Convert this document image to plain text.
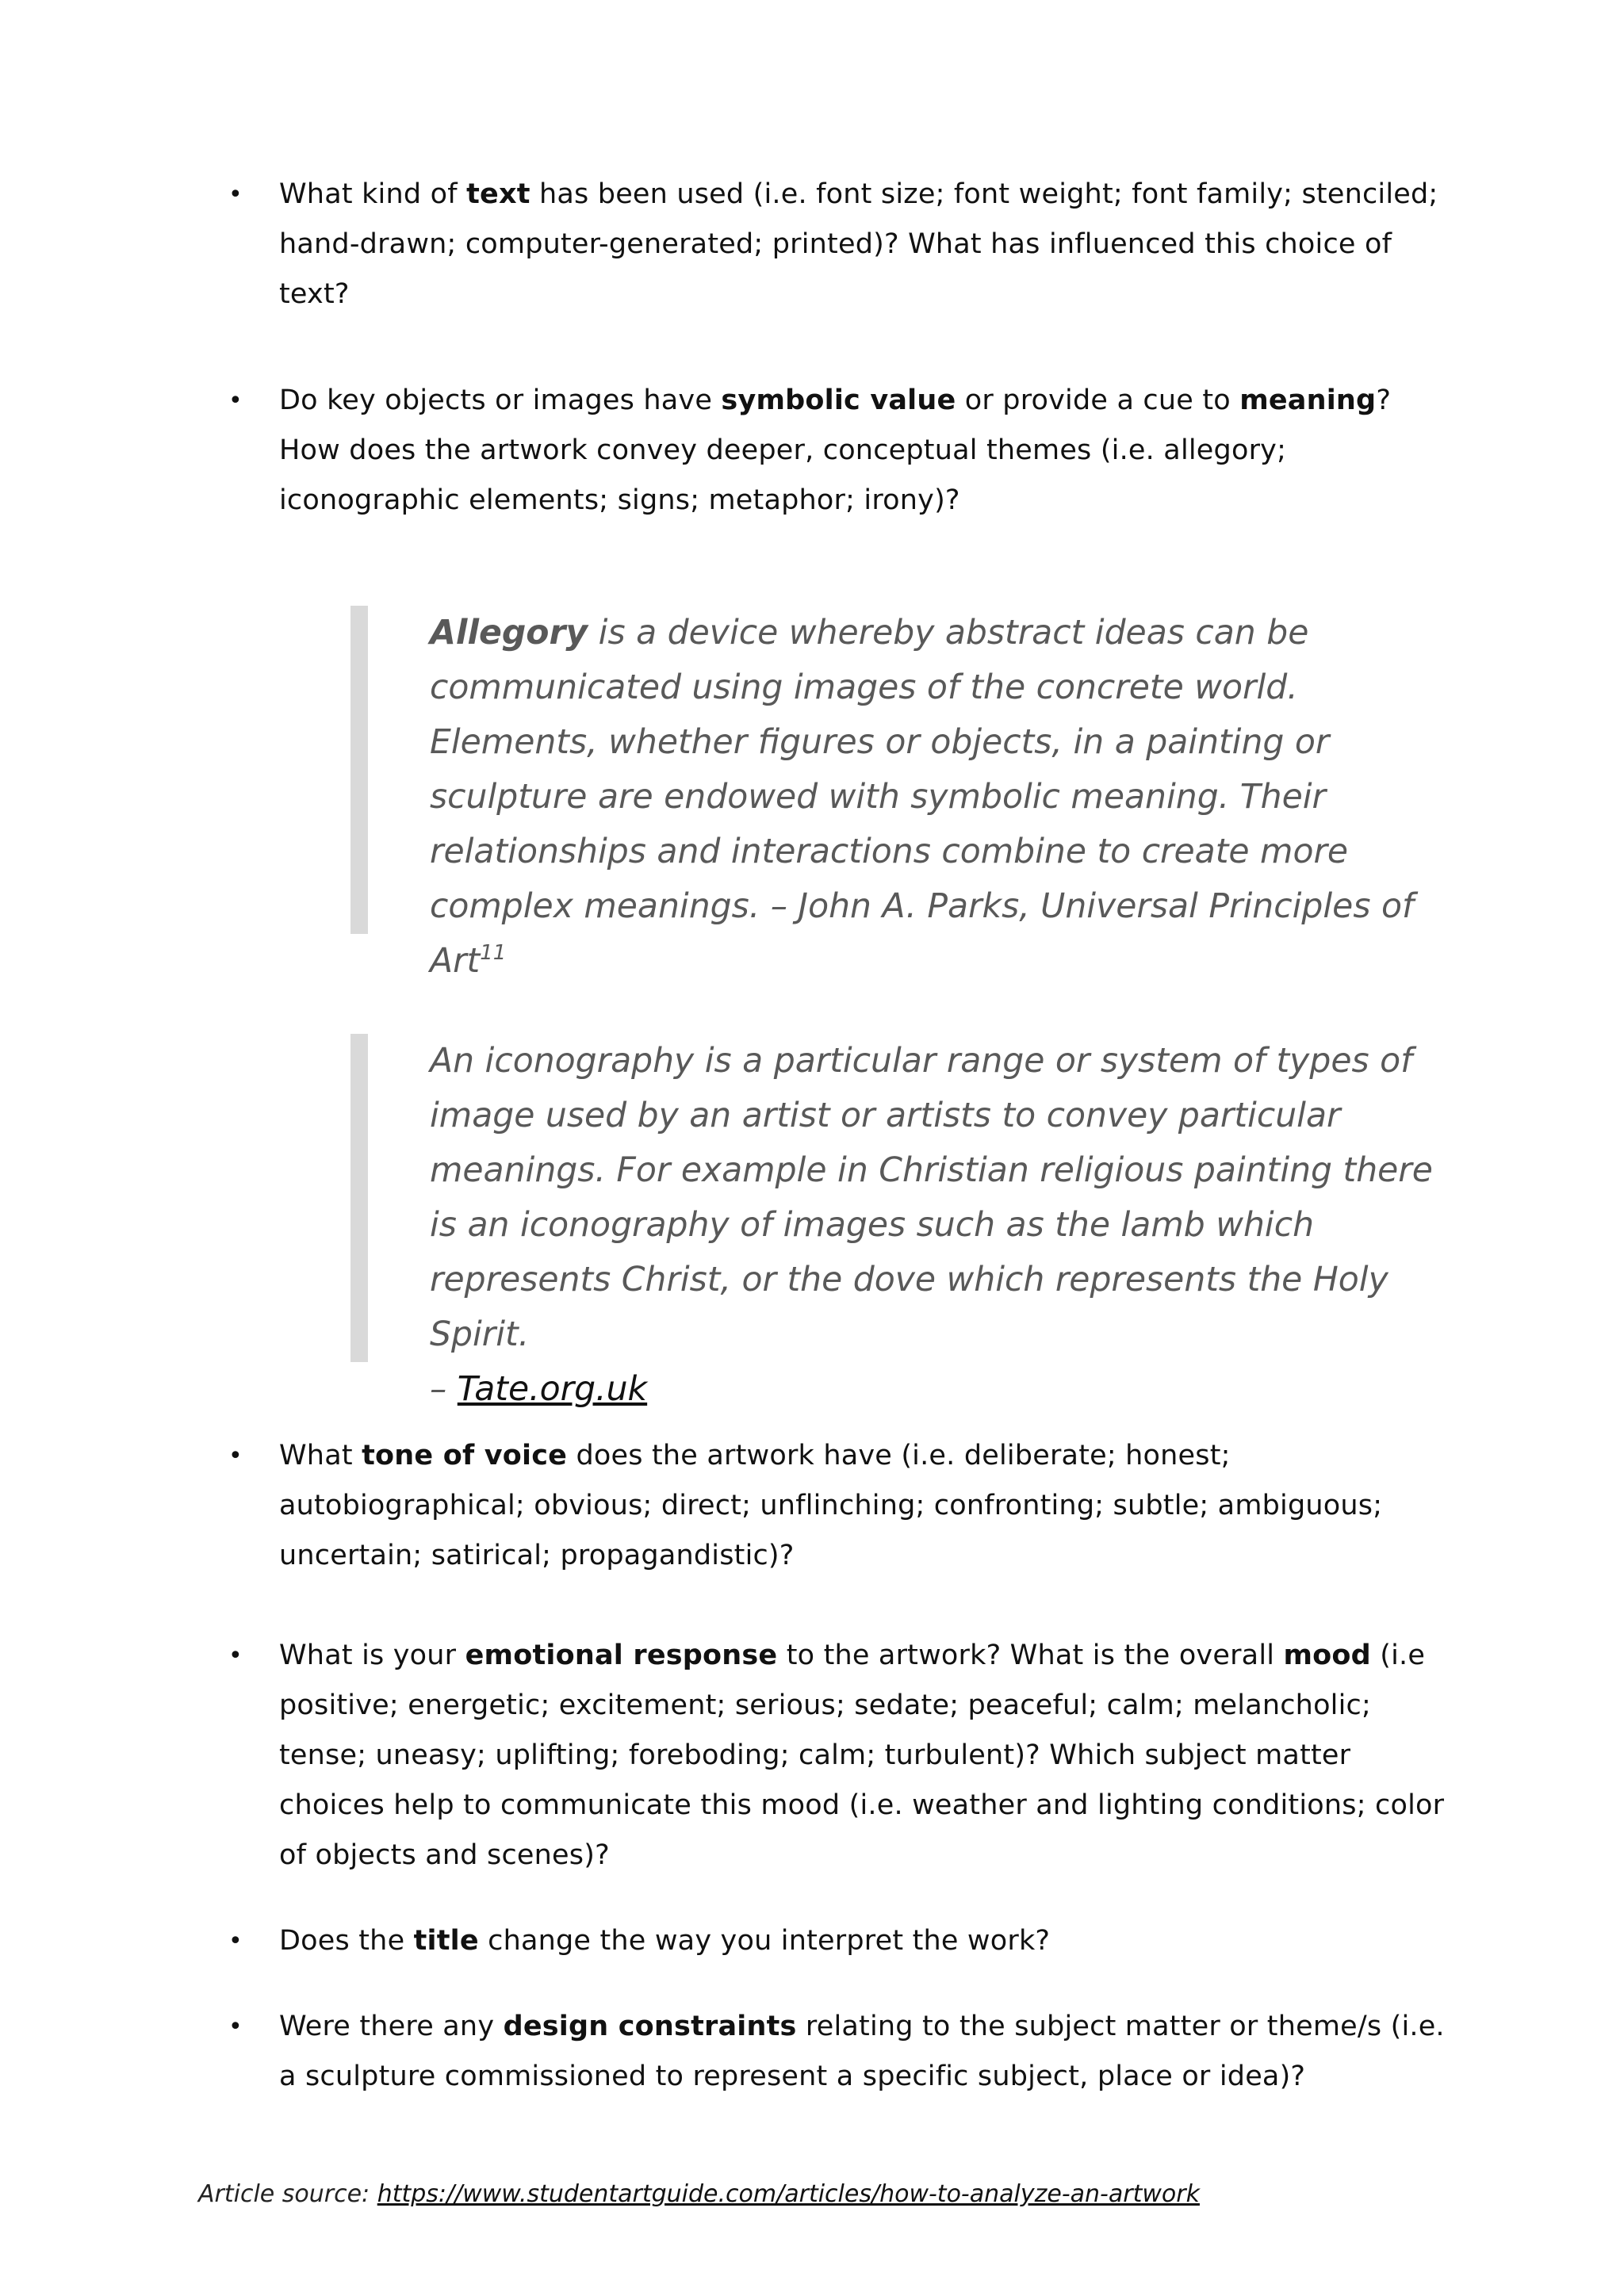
• What kind of text has been used (i.e. font size; font weight; font family; stenciled; hand-drawn; computer-generated; printed)? What has influenced this choice of text?
• Do key objects or images have symbolic value or provide a cue to meaning? How does the artwork convey deeper, conceptual themes (i.e. allegory; iconographic elements; signs; metaphor; irony)?
Allegory is a device whereby abstract ideas can be communicated using images of the concrete world. Elements, whether figures or objects, in a painting or sculpture are endowed with symbolic meaning. Their relationships and interactions combine to create more complex meanings. – John A. Parks, Universal Principles of Art$^{11}$
An iconography is a particular range or system of types of image used by an artist or artists to convey particular meanings. For example in Christian religious painting there is an iconography of images such as the lamb which represents Christ, or the dove which represents the Holy Spirit.
– Tate.org.uk
• What tone of voice does the artwork have (i.e. deliberate; honest; autobiographical; obvious; direct; unflinching; confronting; subtle; ambiguous; uncertain; satirical; propagandistic)?
• What is your emotional response to the artwork? What is the overall mood (i.e positive; energetic; excitement; serious; sedate; peaceful; calm; melancholic; tense; uneasy; uplifting; foreboding; calm; turbulent)? Which subject matter choices help to communicate this mood (i.e. weather and lighting conditions; color of objects and scenes)?
• Does the title change the way you interpret the work?
• Were there any design constraints relating to the subject matter or theme/s (i.e. a sculpture commissioned to represent a specific subject, place or idea)?
Article source: https://www.studentartguide.com/articles/how-to-analyze-an-artwork
